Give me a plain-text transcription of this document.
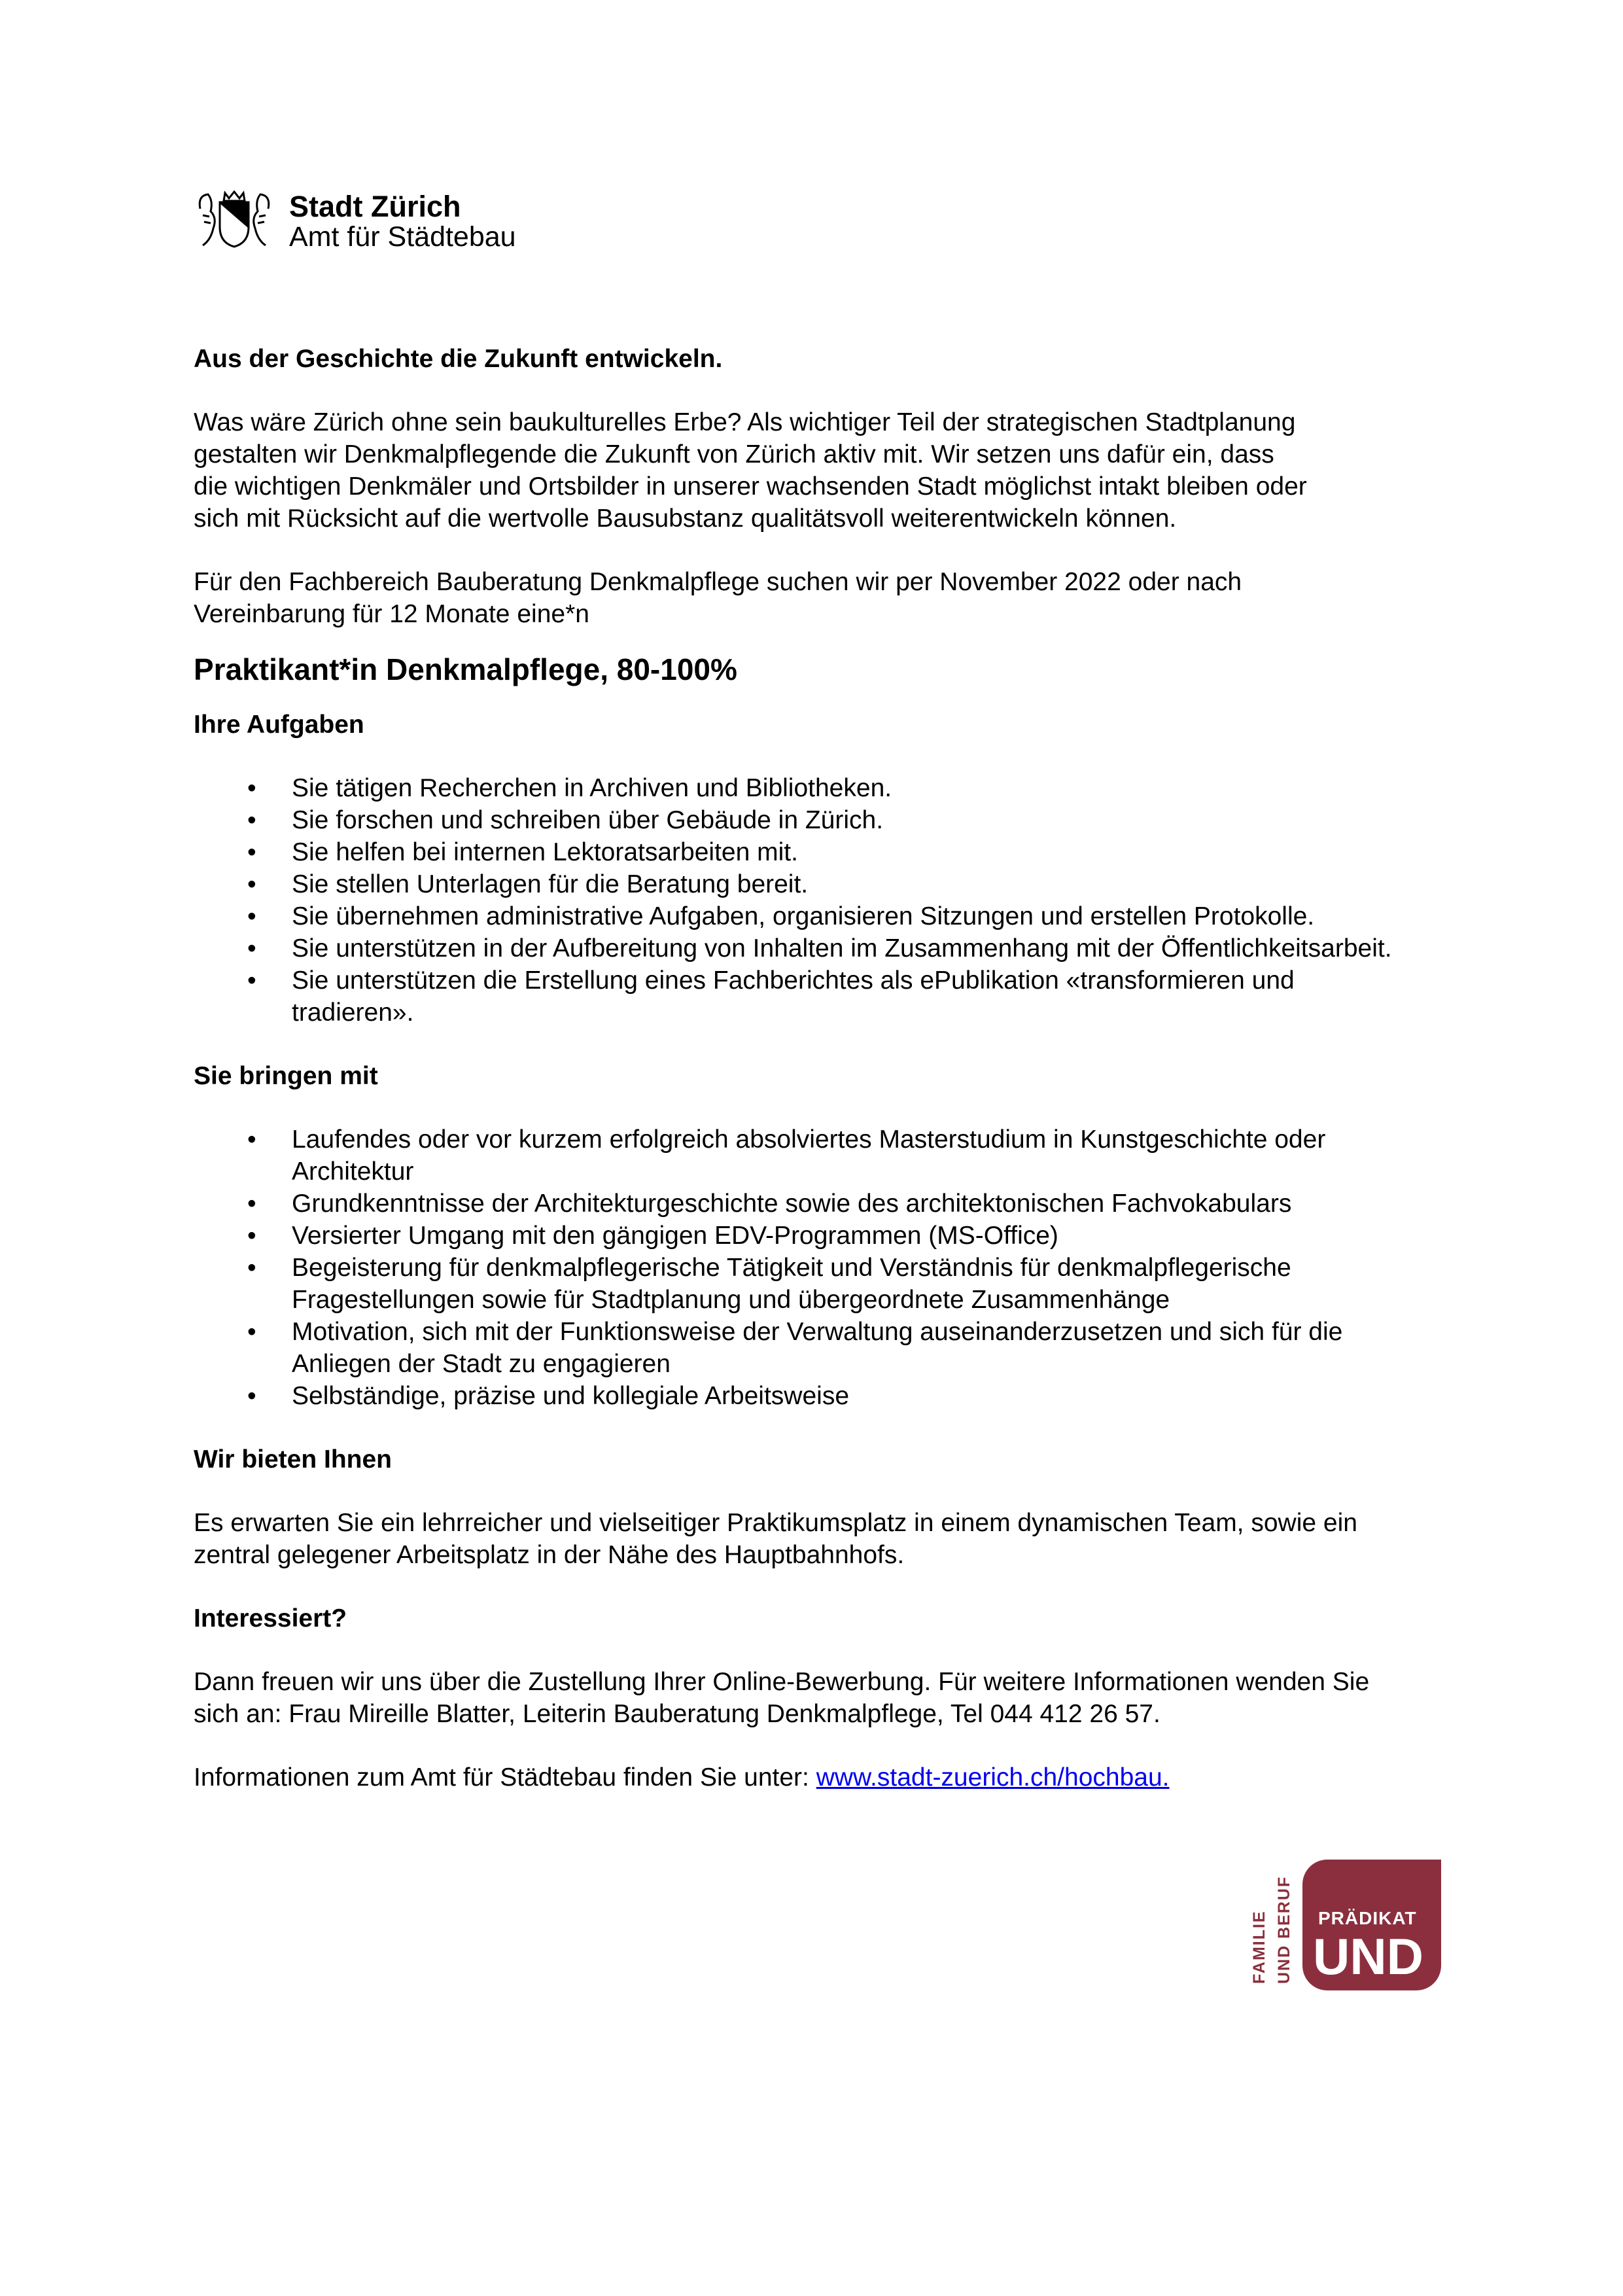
Stadt Zürich
Amt für Städtebau

Aus der Geschichte die Zukunft entwickeln.

Was wäre Zürich ohne sein baukulturelles Erbe? Als wichtiger Teil der strategischen Stadtplanung

gestalten wir Denkmalpflegende die Zukunft von Zürich aktiv mit. Wir setzen uns dafür ein, dass

die wichtigen Denkmäler und Ortsbilder in unserer wachsenden Stadt möglichst intakt bleiben oder

sich mit Rücksicht auf die wertvolle Bausubstanz qualitätsvoll weiterentwickeln können.

Für den Fachbereich Bauberatung Denkmalpflege suchen wir per November 2022 oder nach

Vereinbarung für 12 Monate eine*n

Praktikant*in Denkmalpflege, 80-100%

Ihre Aufgaben

• Sie tätigen Recherchen in Archiven und Bibliotheken.
• Sie forschen und schreiben über Gebäude in Zürich.
• Sie helfen bei internen Lektoratsarbeiten mit.
• Sie stellen Unterlagen für die Beratung bereit.
• Sie übernehmen administrative Aufgaben, organisieren Sitzungen und erstellen Protokolle.
• Sie unterstützen in der Aufbereitung von Inhalten im Zusammenhang mit der Öffentlichkeitsarbeit.
• Sie unterstützen die Erstellung eines Fachberichtes als ePublikation «transformieren und
tradieren».

Sie bringen mit

• Laufendes oder vor kurzem erfolgreich absolviertes Masterstudium in Kunstgeschichte oder
Architektur
• Grundkenntnisse der Architekturgeschichte sowie des architektonischen Fachvokabulars
• Versierter Umgang mit den gängigen EDV-Programmen (MS-Office)
• Begeisterung für denkmalpflegerische Tätigkeit und Verständnis für denkmalpflegerische
Fragestellungen sowie für Stadtplanung und übergeordnete Zusammenhänge
• Motivation, sich mit der Funktionsweise der Verwaltung auseinanderzusetzen und sich für die
Anliegen der Stadt zu engagieren
• Selbständige, präzise und kollegiale Arbeitsweise

Wir bieten Ihnen

Es erwarten Sie ein lehrreicher und vielseitiger Praktikumsplatz in einem dynamischen Team, sowie ein

zentral gelegener Arbeitsplatz in der Nähe des Hauptbahnhofs.

Interessiert?

Dann freuen wir uns über die Zustellung Ihrer Online-Bewerbung. Für weitere Informationen wenden Sie

sich an: Frau Mireille Blatter, Leiterin Bauberatung Denkmalpflege, Tel 044 412 26 57.

Informationen zum Amt für Städtebau finden Sie unter: www.stadt-zuerich.ch/hochbau.

FAMILIE UND BERUF PRÄDIKAT
UND
